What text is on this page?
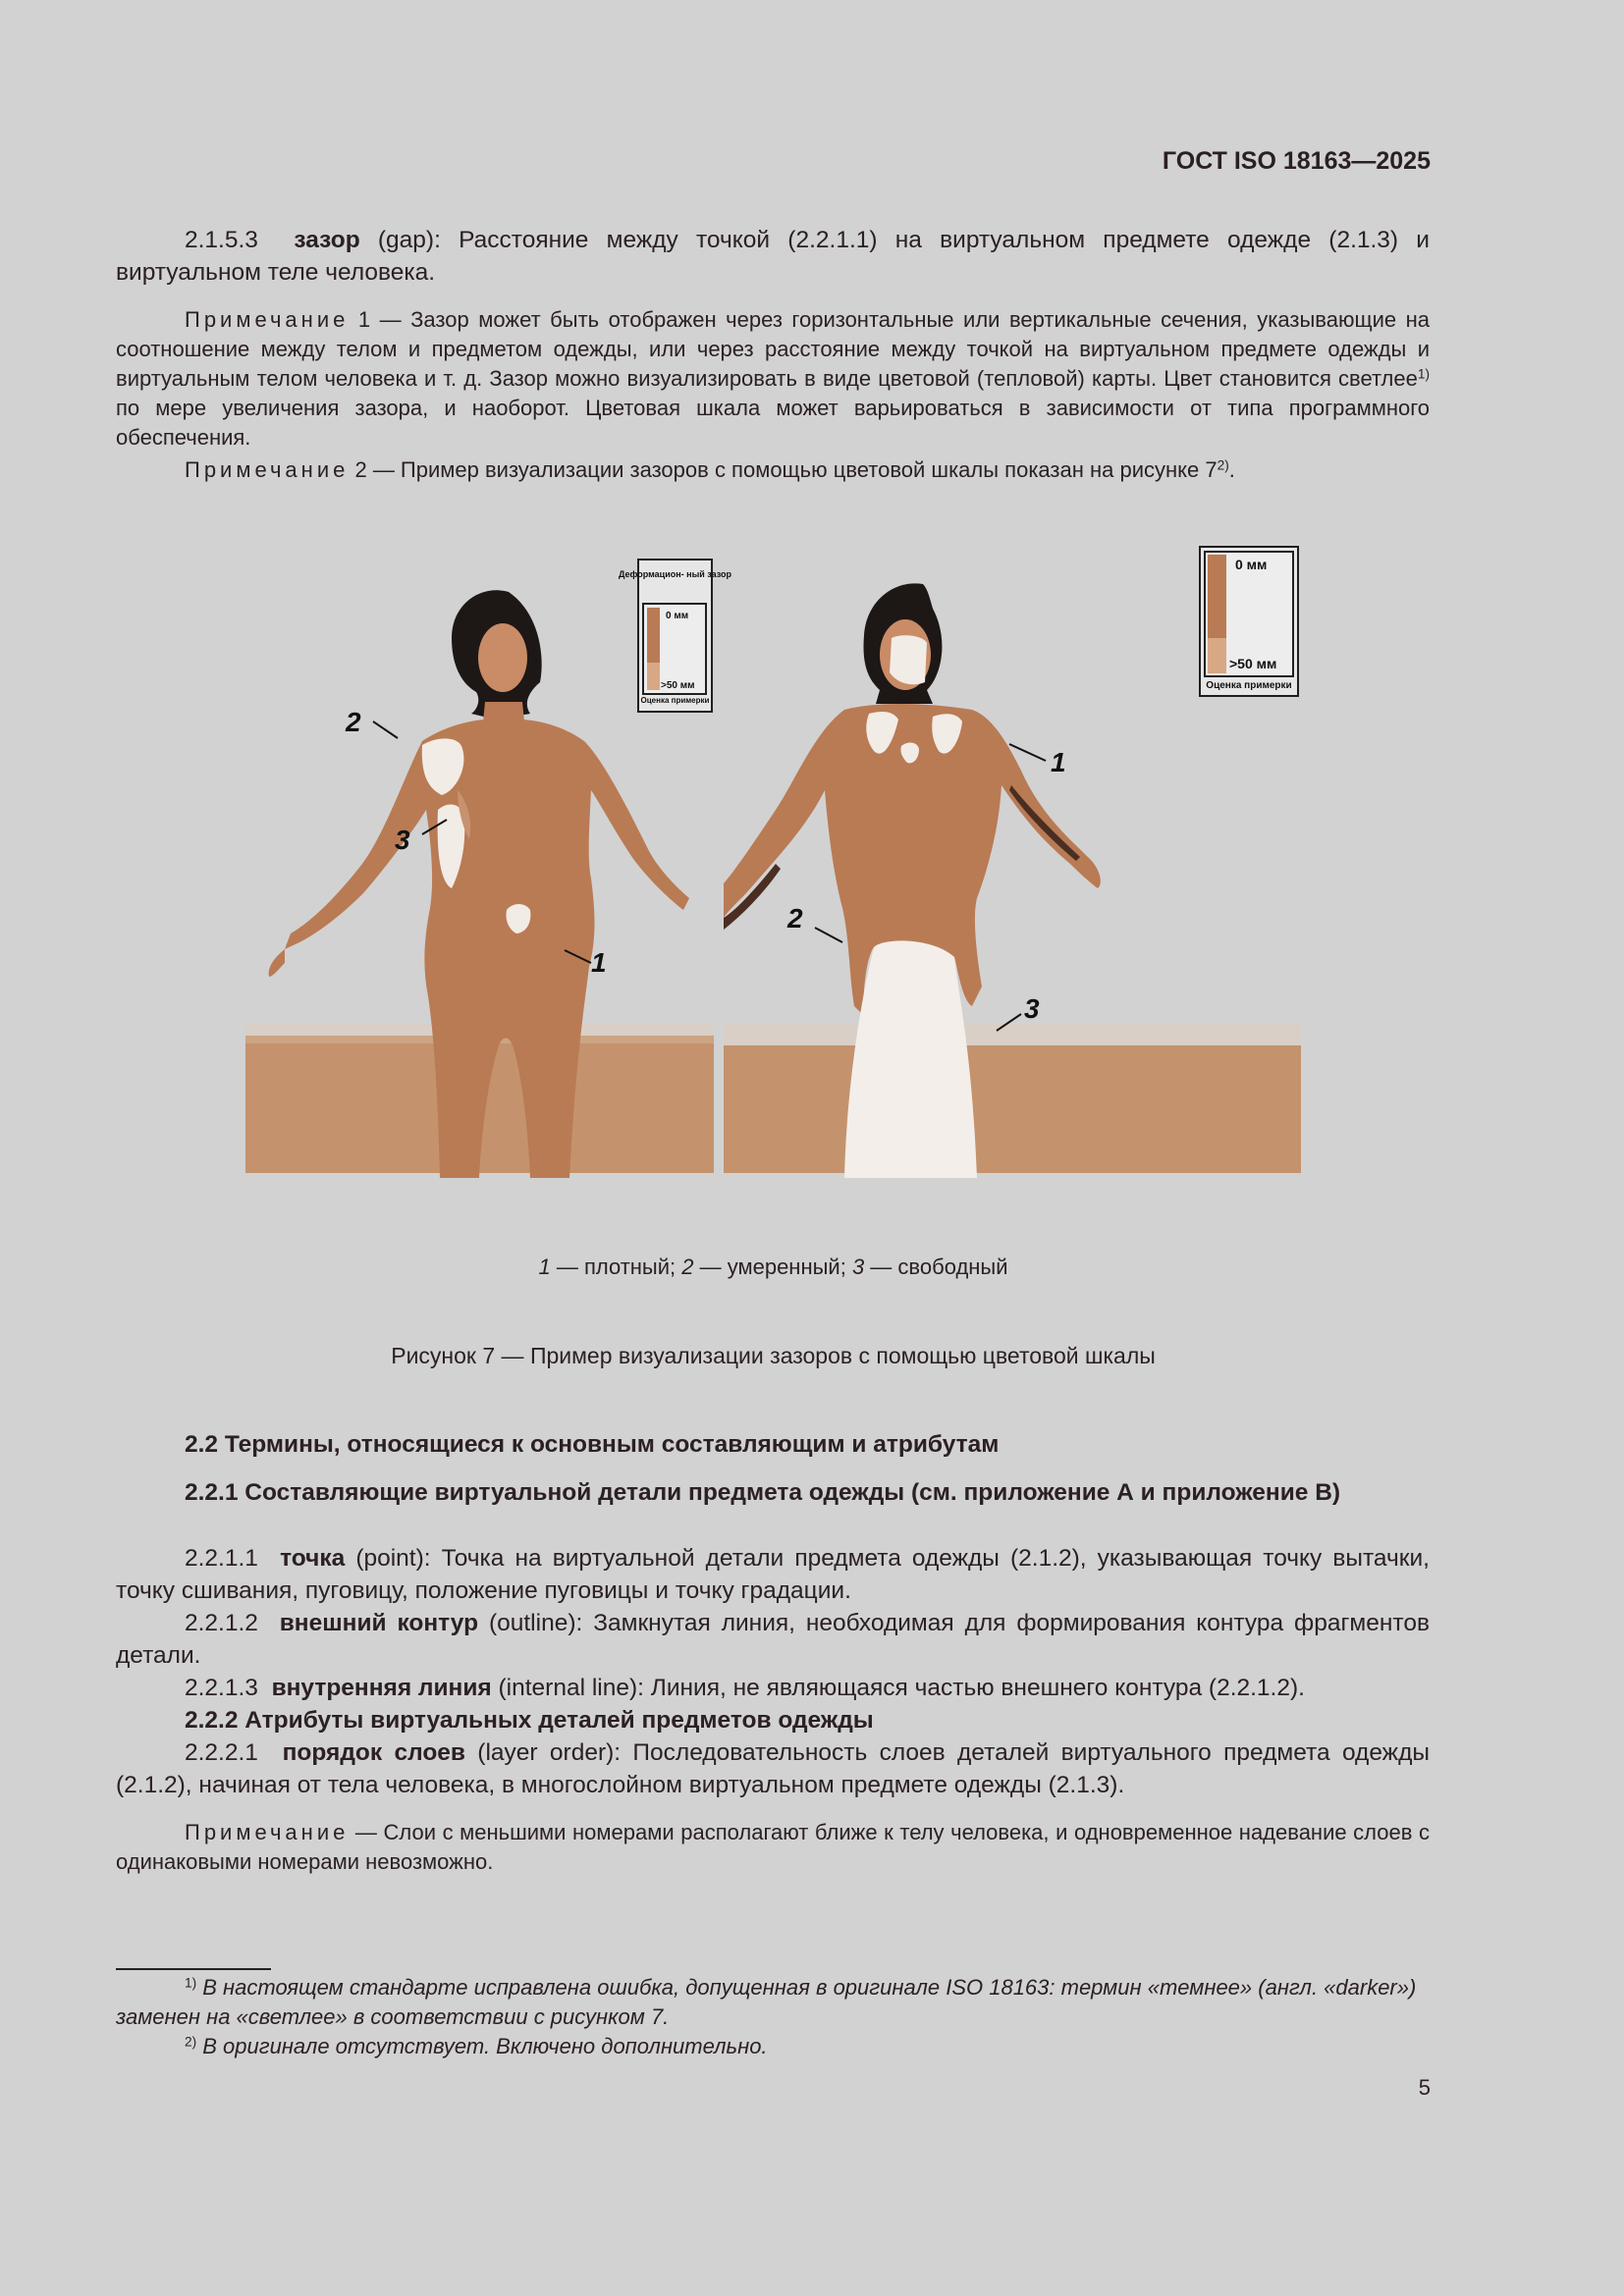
ГОСТ ISO 18163—2025
2.1.5.3 зазор (gap): Расстояние между точкой (2.2.1.1) на виртуальном предмете одежде (2.1.3) и виртуальном теле человека.
Примечание 1 — Зазор может быть отображен через горизонтальные или вертикальные сечения, указывающие на соотношение между телом и предметом одежды, или через расстояние между точкой на виртуальном предмете одежды и виртуальным телом человека и т. д. Зазор можно визуализировать в виде цветовой (тепловой) карты. Цвет становится светлее$^{1)}$ по мере увеличения зазора, и наоборот. Цветовая шкала может варьироваться в зависимости от типа программного обеспечения.
Примечание 2 — Пример визуализации зазоров с помощью цветовой шкалы показан на рисунке 7$^{2)}$.
Деформацион- ный зазор
0 мм
>50 мм
Оценка примерки
2
3
1
0 мм
>50 мм
Оценка примерки
1
2
3
1 — плотный; 2 — умеренный; 3 — свободный
Рисунок 7 — Пример визуализации зазоров с помощью цветовой шкалы
2.2 Термины, относящиеся к основным составляющим и атрибутам
2.2.1 Составляющие виртуальной детали предмета одежды (см. приложение А и приложение В)
2.2.1.1 точка (point): Точка на виртуальной детали предмета одежды (2.1.2), указывающая точку вытачки, точку сшивания, пуговицу, положение пуговицы и точку градации.
2.2.1.2 внешний контур (outline): Замкнутая линия, необходимая для формирования контура фрагментов детали.
2.2.1.3 внутренняя линия (internal line): Линия, не являющаяся частью внешнего контура (2.2.1.2).
2.2.2 Атрибуты виртуальных деталей предметов одежды
2.2.2.1 порядок слоев (layer order): Последовательность слоев деталей виртуального предмета одежды (2.1.2), начиная от тела человека, в многослойном виртуальном предмете одежды (2.1.3).
Примечание — Слои с меньшими номерами располагают ближе к телу человека, и одновременное надевание слоев с одинаковыми номерами невозможно.
$^{1)}$ В настоящем стандарте исправлена ошибка, допущенная в оригинале ISO 18163: термин «темнее» (англ. «darker») заменен на «светлее» в соответствии с рисунком 7.
$^{2)}$ В оригинале отсутствует. Включено дополнительно.
5
